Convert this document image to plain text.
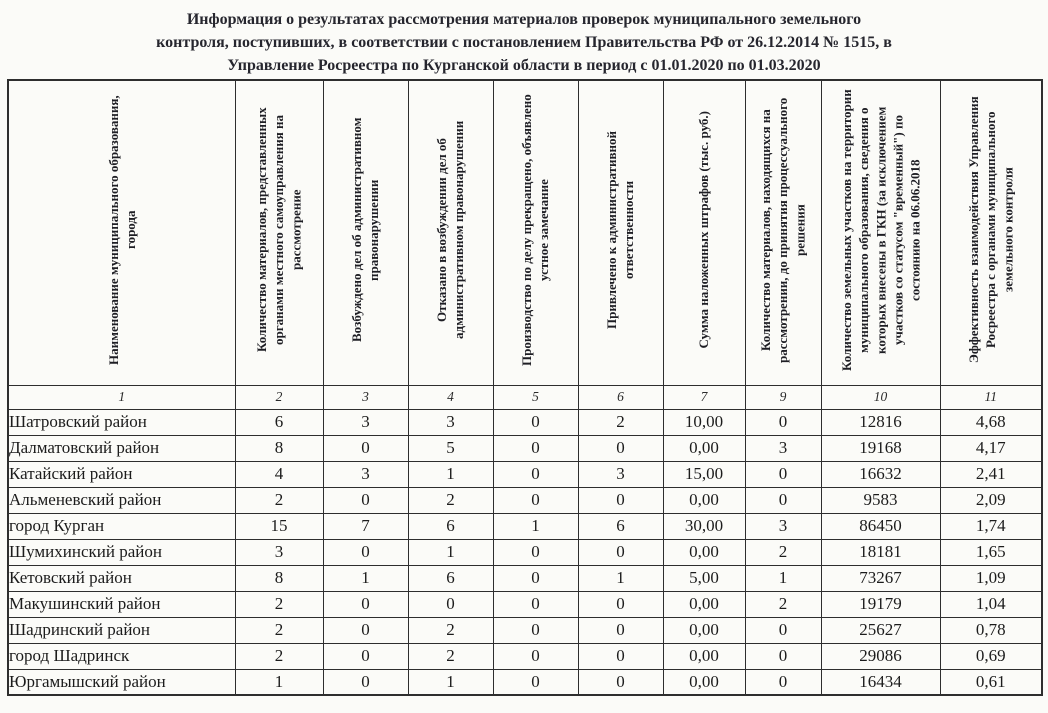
Информация о результатах рассмотрения материалов проверок муниципального земельного
контроля, поступивших, в соответствии с постановлением Правительства РФ от 26.12.2014 № 1515, в
Управление Росреестра по Курганской области в период с 01.01.2020 по 01.03.2020
Наименование муниципального образования, города	Количество материалов, представленных органами местного самоуправления на рассмотрение	Возбуждено дел об административном правонарушении	Отказано в возбуждении дел об административном правонарушении	Производство по делу прекращено, объявлено устное замечание	Привлечено к административной ответственности	Сумма наложенных штрафов (тыс. руб.)	Количество материалов, находящихся на рассмотрении, до принятия процессуального решения	Количество земельных участков на территории муниципального образования, сведения о которых внесены в ГКН (за исключением участков со статусом "временный") по состоянию на 06.06.2018	Эффективность взаимодействия Управления Росреестра с органами муниципального земельного контроля
1	2	3	4	5	6	7	9	10	11
Шатровский район	6	3	3	0	2	10,00	0	12816	4,68
Далматовский район	8	0	5	0	0	0,00	3	19168	4,17
Катайский район	4	3	1	0	3	15,00	0	16632	2,41
Альменевский район	2	0	2	0	0	0,00	0	9583	2,09
город Курган	15	7	6	1	6	30,00	3	86450	1,74
Шумихинский район	3	0	1	0	0	0,00	2	18181	1,65
Кетовский район	8	1	6	0	1	5,00	1	73267	1,09
Макушинский район	2	0	0	0	0	0,00	2	19179	1,04
Шадринский район	2	0	2	0	0	0,00	0	25627	0,78
город Шадринск	2	0	2	0	0	0,00	0	29086	0,69
Юргамышский район	1	0	1	0	0	0,00	0	16434	0,61
